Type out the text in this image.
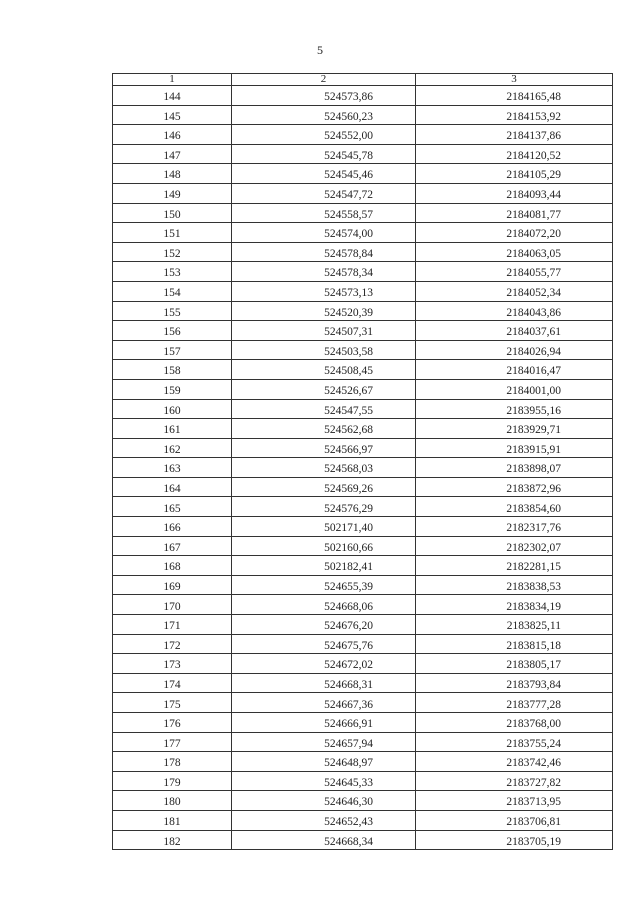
5
1	2	3
144	524573,86	2184165,48
145	524560,23	2184153,92
146	524552,00	2184137,86
147	524545,78	2184120,52
148	524545,46	2184105,29
149	524547,72	2184093,44
150	524558,57	2184081,77
151	524574,00	2184072,20
152	524578,84	2184063,05
153	524578,34	2184055,77
154	524573,13	2184052,34
155	524520,39	2184043,86
156	524507,31	2184037,61
157	524503,58	2184026,94
158	524508,45	2184016,47
159	524526,67	2184001,00
160	524547,55	2183955,16
161	524562,68	2183929,71
162	524566,97	2183915,91
163	524568,03	2183898,07
164	524569,26	2183872,96
165	524576,29	2183854,60
166	502171,40	2182317,76
167	502160,66	2182302,07
168	502182,41	2182281,15
169	524655,39	2183838,53
170	524668,06	2183834,19
171	524676,20	2183825,11
172	524675,76	2183815,18
173	524672,02	2183805,17
174	524668,31	2183793,84
175	524667,36	2183777,28
176	524666,91	2183768,00
177	524657,94	2183755,24
178	524648,97	2183742,46
179	524645,33	2183727,82
180	524646,30	2183713,95
181	524652,43	2183706,81
182	524668,34	2183705,19
